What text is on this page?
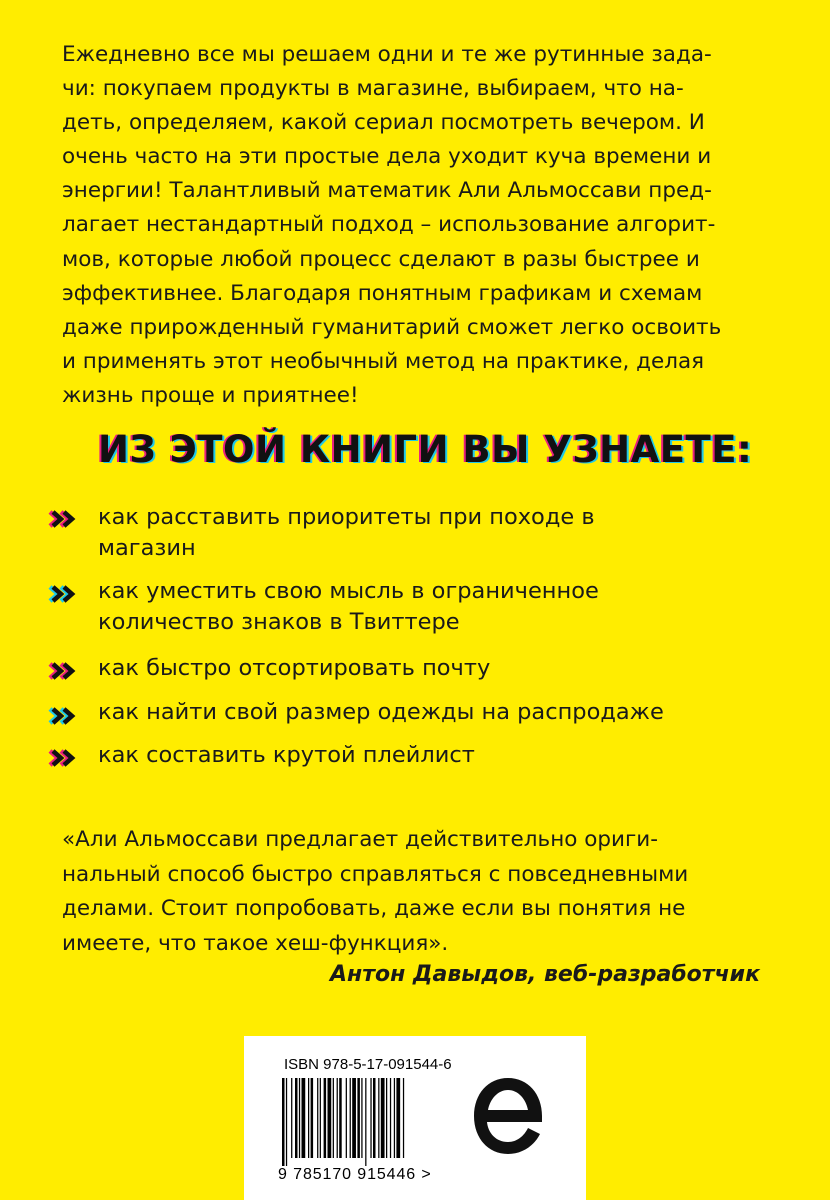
Ежедневно все мы решаем одни и те же рутинные зада-
чи: покупаем продукты в магазине, выбираем, что на-
деть, определяем, какой сериал посмотреть вечером. И
очень часто на эти простые дела уходит куча времени и
энергии! Талантливый математик Али Альмоссави пред-
лагает нестандартный подход – использование алгорит-
мов, которые любой процесс сделают в разы быстрее и
эффективнее. Благодаря понятным графикам и схемам
даже прирожденный гуманитарий сможет легко освоить
и применять этот необычный метод на практике, делая
жизнь проще и приятнее!
ИЗ ЭТОЙ КНИГИ ВЫ УЗНАЕТЕ:
как расставить приоритеты при походе в
магазин
как уместить свою мысль в ограниченное
количество знаков в Твиттере
как быстро отсортировать почту
как найти свой размер одежды на распродаже
как составить крутой плейлист
«Али Альмоссави предлагает действительно ориги-
нальный способ быстро справляться с повседневными
делами. Стоит попробовать, даже если вы понятия не
имеете, что такое хеш-функция».
Антон Давыдов, веб-разработчик
ISBN 978-5-17-091544-6
9 785170 915446 >
